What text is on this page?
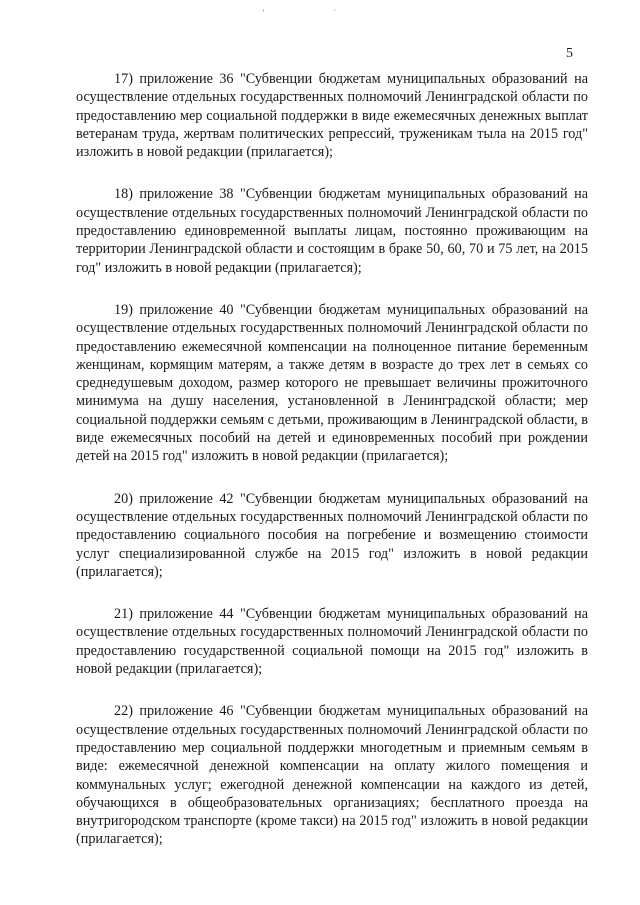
ʼ	´
5

17) приложение 36 "Субвенции бюджетам муниципальных образований на осуществление отдельных государственных полномочий Ленинградской области по предоставлению мер социальной поддержки в виде ежемесячных денежных выплат ветеранам труда, жертвам политических репрессий, труженикам тыла на 2015 год" изложить в новой редакции (прилагается);

18) приложение 38 "Субвенции бюджетам муниципальных образований на осуществление отдельных государственных полномочий Ленинградской области по предоставлению единовременной выплаты лицам, постоянно проживающим на территории Ленинградской области и состоящим в браке 50, 60, 70 и 75 лет, на 2015 год" изложить в новой редакции (прилагается);

19) приложение 40 "Субвенции бюджетам муниципальных образований на осуществление отдельных государственных полномочий Ленинградской области по предоставлению ежемесячной компенсации на полноценное питание беременным женщинам, кормящим матерям, а также детям в возрасте до трех лет в семьях со среднедушевым доходом, размер которого не превышает величины прожиточного минимума на душу населения, установленной в Ленинградской области; мер социальной поддержки семьям с детьми, проживающим в Ленинградской области, в виде ежемесячных пособий на детей и единовременных пособий при рождении детей на 2015 год" изложить в новой редакции (прилагается);

20) приложение 42 "Субвенции бюджетам муниципальных образований на осуществление отдельных государственных полномочий Ленинградской области по предоставлению социального пособия на погребение и возмещению стоимости услуг специализированной службе на 2015 год" изложить в новой редакции (прилагается);

21) приложение 44 "Субвенции бюджетам муниципальных образований на осуществление отдельных государственных полномочий Ленинградской области по предоставлению государственной социальной помощи на 2015 год" изложить в новой редакции (прилагается);

22) приложение 46 "Субвенции бюджетам муниципальных образований на осуществление отдельных государственных полномочий Ленинградской области по предоставлению мер социальной поддержки многодетным и приемным семьям в виде: ежемесячной денежной компенсации на оплату жилого помещения и коммунальных услуг; ежегодной денежной компенсации на каждого из детей, обучающихся в общеобразовательных организациях; бесплатного проезда на внутригородском транспорте (кроме такси) на 2015 год" изложить в новой редакции (прилагается);
